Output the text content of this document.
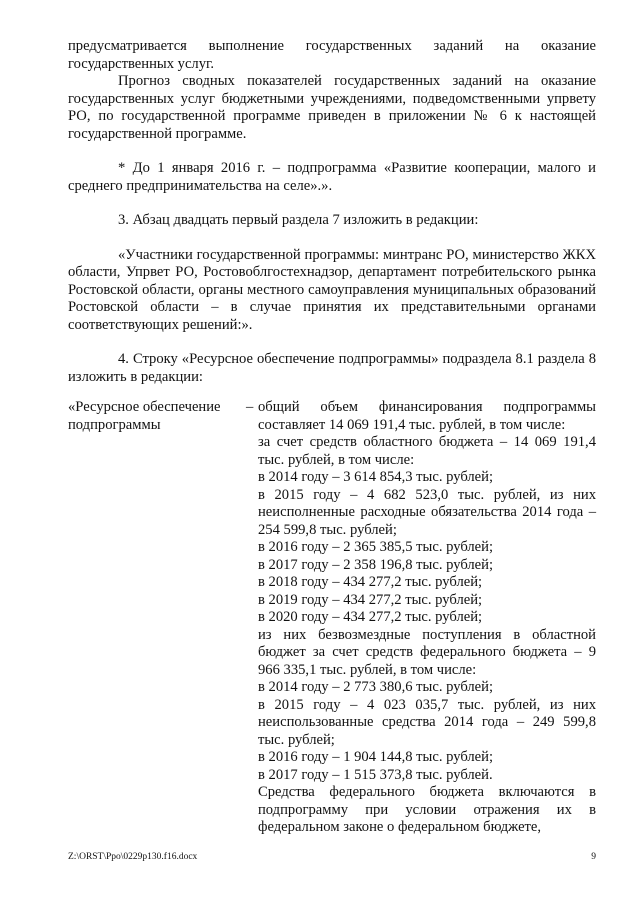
предусматривается выполнение государственных заданий на оказание государственных услуг.

Прогноз сводных показателей государственных заданий на оказание государственных услуг бюджетными учреждениями, подведомственными упрвету РО, по государственной программе приведен в приложении № 6 к настоящей государственной программе.

* До 1 января 2016 г. – подпрограмма «Развитие кооперации, малого и среднего предпринимательства на селе».».

3. Абзац двадцать первый раздела 7 изложить в редакции:

«Участники государственной программы: минтранс РО, министерство ЖКХ области, Упрвет РО, Ростовоблгостехнадзор, департамент потребительского рынка Ростовской области, органы местного самоуправления муниципальных образований Ростовской области – в случае принятия их представительными органами соответствующих решений:».

4. Строку «Ресурсное обеспечение подпрограммы» подраздела 8.1 раздела 8 изложить в редакции:

«Ресурсное обеспечение подпрограммы
– общий объем финансирования подпрограммы составляет 14 069 191,4 тыс. рублей, в том числе:

за счет средств областного бюджета – 14 069 191,4 тыс. рублей, в том числе:

в 2014 году – 3 614 854,3 тыс. рублей;

в 2015 году – 4 682 523,0 тыс. рублей, из них неисполненные расходные обязательства 2014 года – 254 599,8 тыс. рублей;

в 2016 году – 2 365 385,5 тыс. рублей;

в 2017 году – 2 358 196,8 тыс. рублей;

в 2018 году – 434 277,2 тыс. рублей;

в 2019 году – 434 277,2 тыс. рублей;

в 2020 году – 434 277,2 тыс. рублей;

из них безвозмездные поступления в областной бюджет за счет средств федерального бюджета – 9 966 335,1 тыс. рублей, в том числе:

в 2014 году – 2 773 380,6 тыс. рублей;

в 2015 году – 4 023 035,7 тыс. рублей, из них неиспользованные средства 2014 года – 249 599,8 тыс. рублей;

в 2016 году – 1 904 144,8 тыс. рублей;

в 2017 году – 1 515 373,8 тыс. рублей.

Средства федерального бюджета включаются в подпрограмму при условии отражения их в федеральном законе о федеральном бюджете,

Z:\ORST\Ppo\0229p130.f16.docx	9
